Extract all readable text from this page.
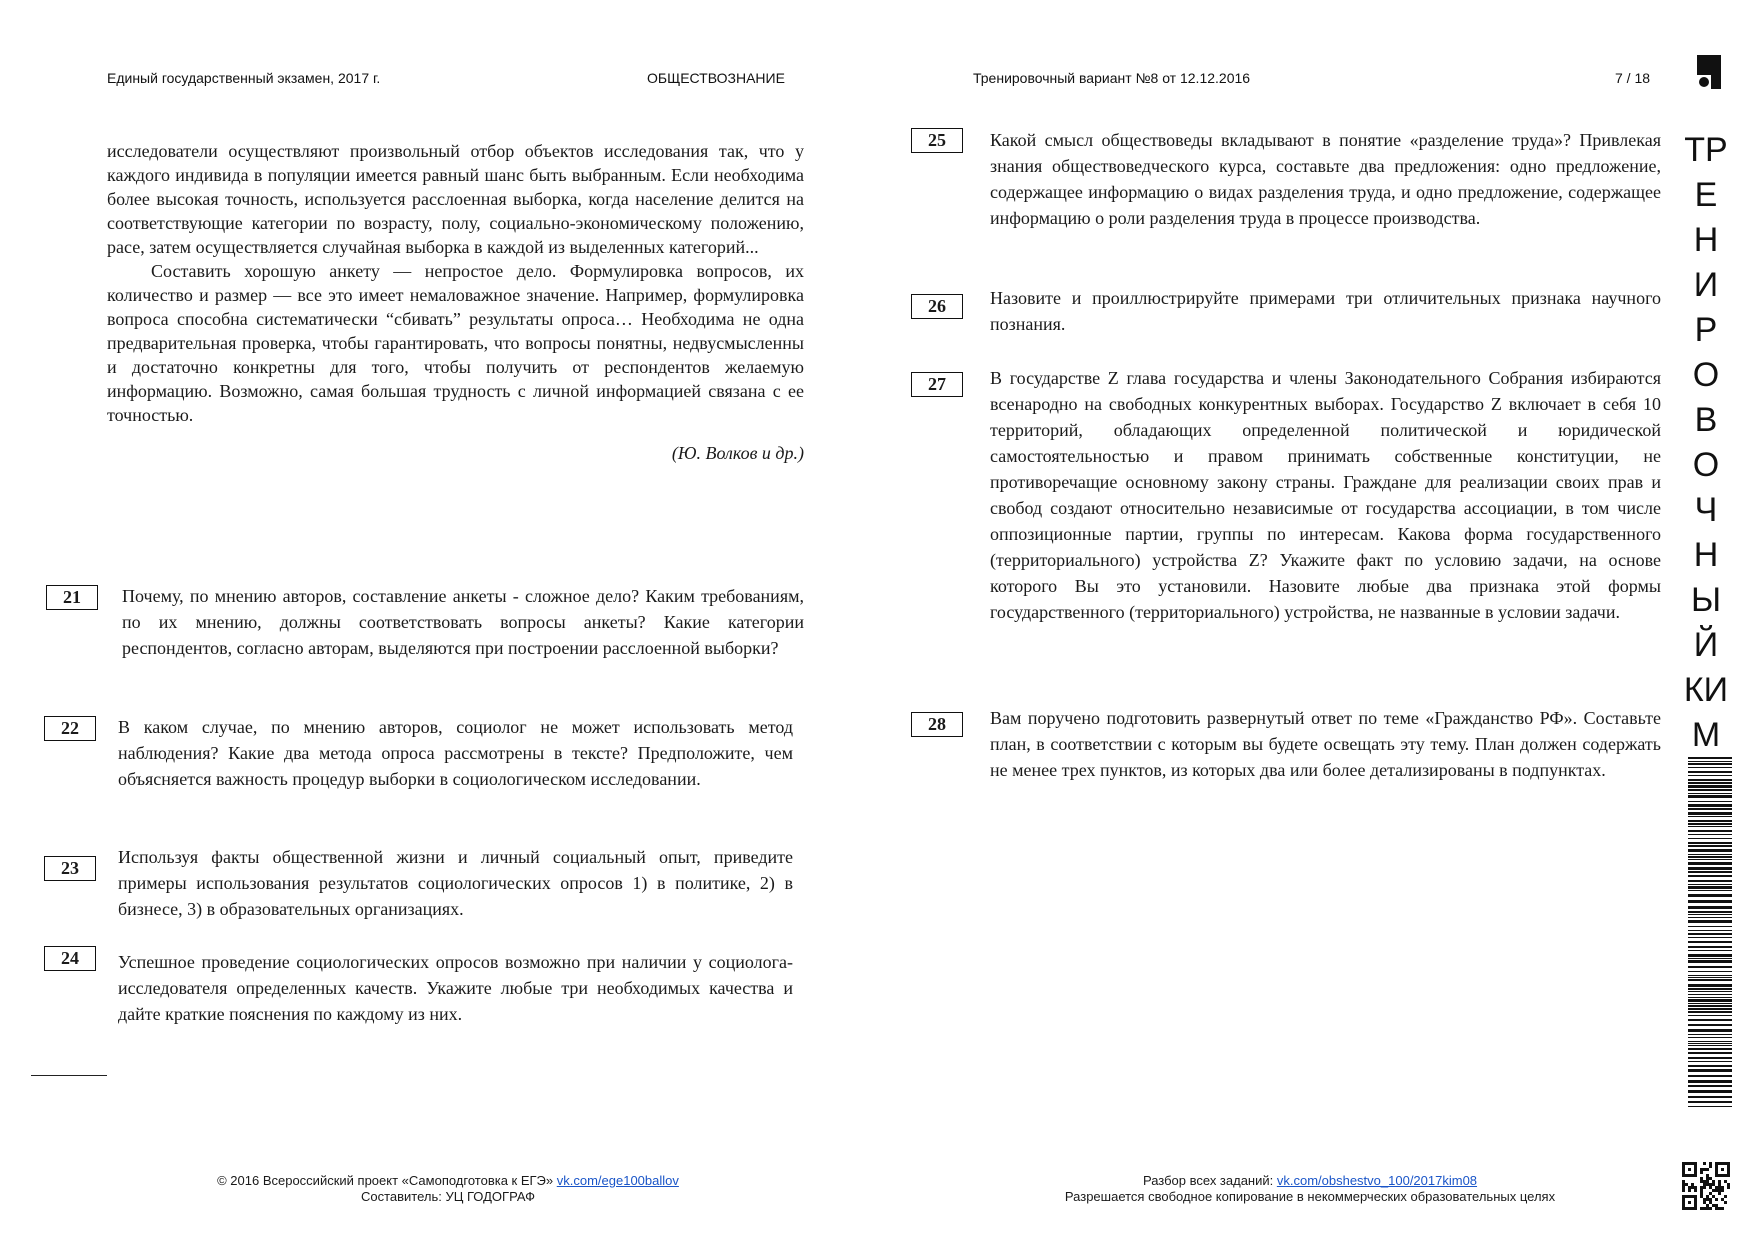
Единый государственный экзамен, 2017 г.	ОБЩЕСТВОЗНАНИЕ	Тренировочный вариант №8 от 12.12.2016	7 / 18

исследователи осуществляют произвольный отбор объектов исследования так, что у каждого индивида в популяции имеется равный шанс быть выбранным. Если необходима более высокая точность, используется расслоенная выборка, когда население делится на соответствующие категории по возрасту, полу, социально-экономическому положению, расе, затем осуществляется случайная выборка в каждой из выделенных категорий...

Составить хорошую анкету — непростое дело. Формулировка вопросов, их количество и размер — все это имеет немаловажное значение. Например, формулировка вопроса способна систематически “сбивать” результаты опроса… Необходима не одна предварительная проверка, чтобы гарантировать, что вопросы понятны, недвусмысленны и достаточно конкретны для того, чтобы получить от респондентов желаемую информацию. Возможно, самая большая трудность с личной информацией связана с ее точностью.

(Ю. Волков и др.)

21	Почему, по мнению авторов, составление анкеты - сложное дело? Каким требованиям, по их мнению, должны соответствовать вопросы анкеты? Какие категории респондентов, согласно авторам, выделяются при построении расслоенной выборки?
22	В каком случае, по мнению авторов, социолог не может использовать метод наблюдения? Какие два метода опроса рассмотрены в тексте? Предположите, чем объясняется важность процедур выборки в социологическом исследовании.
23
Используя факты общественной жизни и личный социальный опыт, приведите примеры использования результатов социологических опросов 1) в политике, 2) в бизнесе, 3) в образовательных организациях.
24	Успешное проведение социологических опросов возможно при наличии у социолога-исследователя определенных качеств. Укажите любые три необходимых качества и дайте краткие пояснения по каждому из них.
25	Какой смысл обществоведы вкладывают в понятие «разделение труда»? Привлекая знания обществоведческого курса, составьте два предложения: одно предложение, содержащее информацию о видах разделения труда, и одно предложение, содержащее информацию о роли разделения труда в процессе производства.
26	Назовите и проиллюстрируйте примерами три отличительных признака научного познания.
27	В государстве Z глава государства и члены Законодательного Собрания избираются всенародно на свободных конкурентных выборах. Государство Z включает в себя 10 территорий, обладающих определенной политической и юридической самостоятельностью и правом принимать собственные конституции, не противоречащие основному закону страны. Граждане для реализации своих прав и свобод создают относительно независимые от государства ассоциации, в том числе оппозиционные партии, группы по интересам. Какова форма государственного (территориального) устройства Z? Укажите факт по условию задачи, на основе которого Вы это установили. Назовите любые два признака этой формы государственного (территориального) устройства, не названные в условии задачи.
28	Вам поручено подготовить развернутый ответ по теме «Гражданство РФ». Составьте план, в соответствии с которым вы будете освещать эту тему. План должен содержать не менее трех пунктов, из которых два или более детализированы в подпунктах.
ТР
Е
Н
И
Р
О
В
О
Ч
Н
Ы
Й
КИ
М
© 2016 Всероссийский проект «Самоподготовка к ЕГЭ» vk.com/ege100ballov
Составитель: УЦ ГОДОГРАФ
Разбор всех заданий: vk.com/obshestvo_100/2017kim08
Разрешается свободное копирование в некоммерческих образовательных целях
